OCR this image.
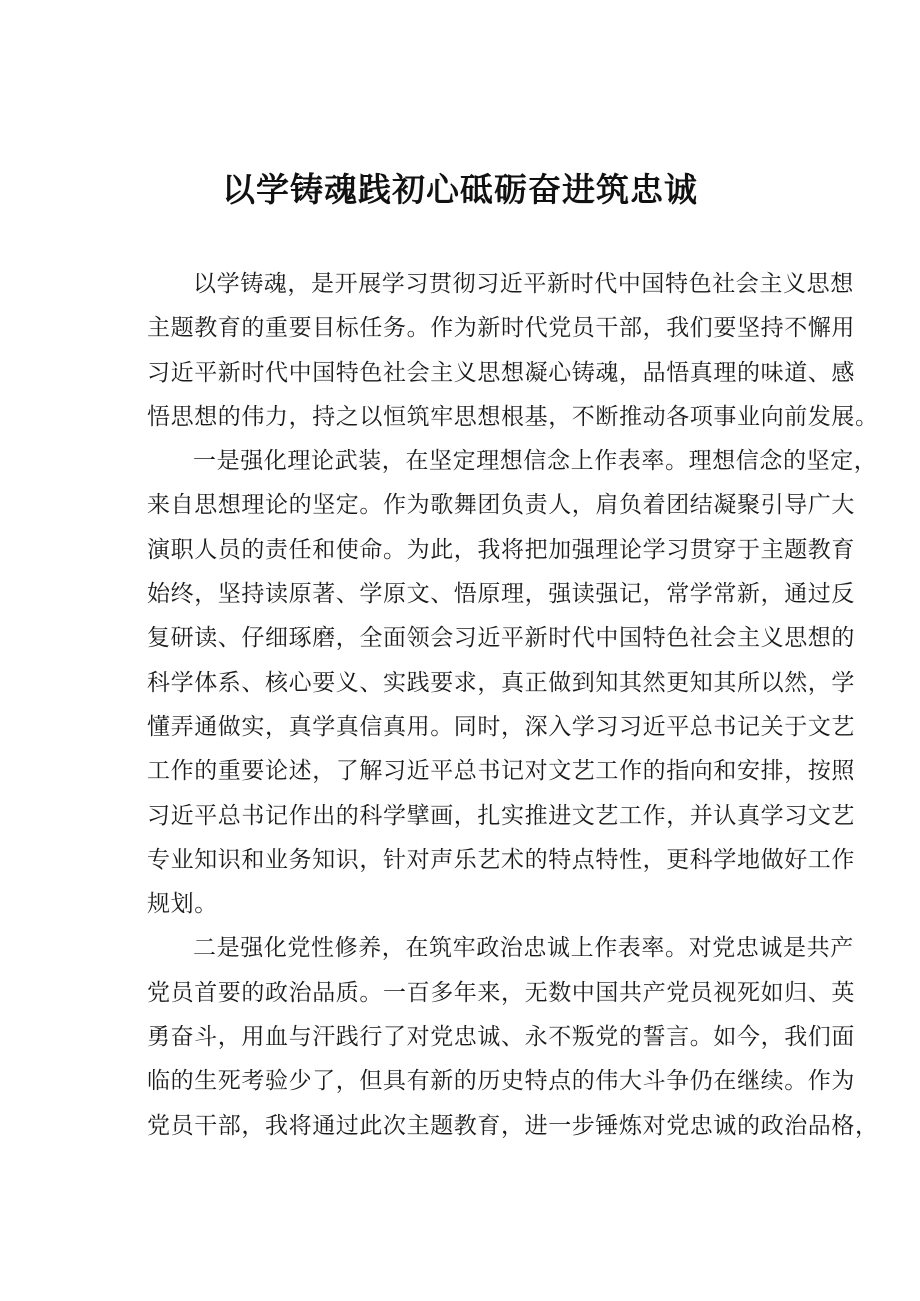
以学铸魂践初心砥砺奋进筑忠诚

以学铸魂，是开展学习贯彻习近平新时代中国特色社会主义思想
主题教育的重要目标任务。作为新时代党员干部，我们要坚持不懈用
习近平新时代中国特色社会主义思想凝心铸魂，品悟真理的味道、感
悟思想的伟力，持之以恒筑牢思想根基，不断推动各项事业向前发展。

一是强化理论武装，在坚定理想信念上作表率。理想信念的坚定，
来自思想理论的坚定。作为歌舞团负责人，肩负着团结凝聚引导广大
演职人员的责任和使命。为此，我将把加强理论学习贯穿于主题教育
始终，坚持读原著、学原文、悟原理，强读强记，常学常新，通过反
复研读、仔细琢磨，全面领会习近平新时代中国特色社会主义思想的
科学体系、核心要义、实践要求，真正做到知其然更知其所以然，学
懂弄通做实，真学真信真用。同时，深入学习习近平总书记关于文艺
工作的重要论述，了解习近平总书记对文艺工作的指向和安排，按照
习近平总书记作出的科学擘画，扎实推进文艺工作，并认真学习文艺
专业知识和业务知识，针对声乐艺术的特点特性，更科学地做好工作
规划。

二是强化党性修养，在筑牢政治忠诚上作表率。对党忠诚是共产
党员首要的政治品质。一百多年来，无数中国共产党员视死如归、英
勇奋斗，用血与汗践行了对党忠诚、永不叛党的誓言。如今，我们面
临的生死考验少了，但具有新的历史特点的伟大斗争仍在继续。作为
党员干部，我将通过此次主题教育，进一步锤炼对党忠诚的政治品格，
